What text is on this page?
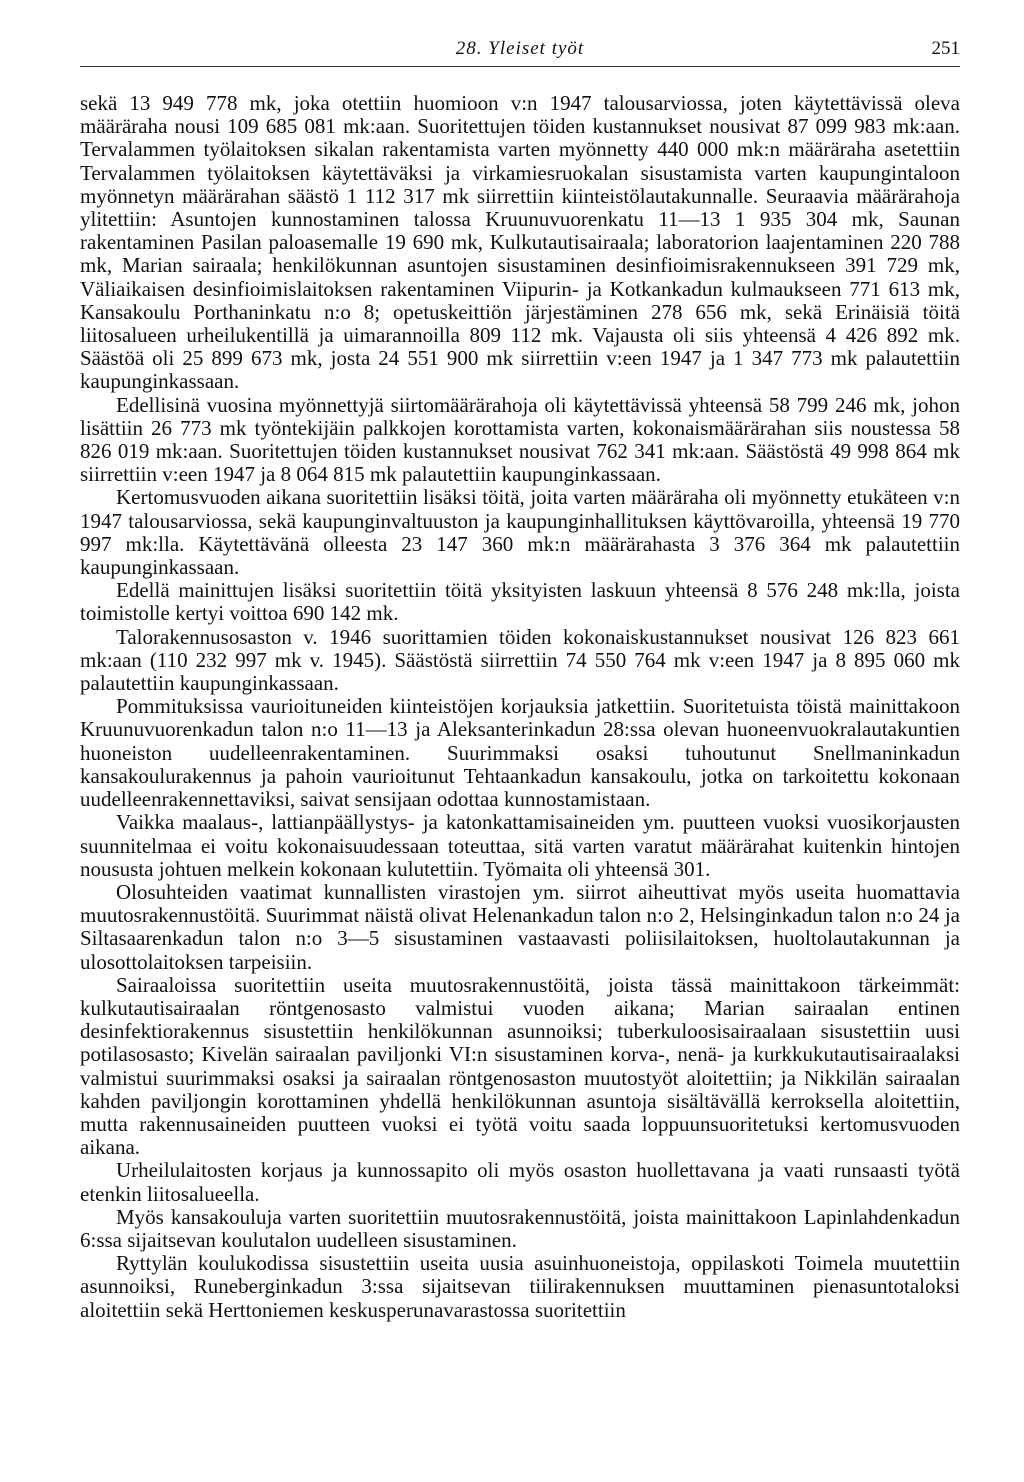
28. Yleiset työt	251

sekä 13 949 778 mk, joka otettiin huomioon v:n 1947 talousarviossa, joten käytettävissä oleva määräraha nousi 109 685 081 mk:aan. Suoritettujen töiden kustannukset nousivat 87 099 983 mk:aan. Tervalammen työlaitoksen sikalan rakentamista varten myönnetty 440 000 mk:n määräraha asetettiin Tervalammen työlaitoksen käytettäväksi ja virkamiesruokalan sisustamista varten kaupungintaloon myönnetyn määrärahan säästö 1 112 317 mk siirrettiin kiinteistölautakunnalle. Seuraavia määrärahoja ylitettiin: Asuntojen kunnostaminen talossa Kruunuvuorenkatu 11—13 1 935 304 mk, Saunan rakentaminen Pasilan paloasemalle 19 690 mk, Kulkutautisairaala; laboratorion laajentaminen 220 788 mk, Marian sairaala; henkilökunnan asuntojen sisustaminen desinfioimisrakennukseen 391 729 mk, Väliaikaisen desinfioimislaitoksen rakentaminen Viipurin- ja Kotkankadun kulmaukseen 771 613 mk, Kansakoulu Porthaninkatu n:o 8; opetuskeittiön järjestäminen 278 656 mk, sekä Erinäisiä töitä liitosalueen urheilukentillä ja uimarannoilla 809 112 mk. Vajausta oli siis yhteensä 4 426 892 mk. Säästöä oli 25 899 673 mk, josta 24 551 900 mk siirrettiin v:een 1947 ja 1 347 773 mk palautettiin kaupunginkassaan.

Edellisinä vuosina myönnettyjä siirtomäärärahoja oli käytettävissä yhteensä 58 799 246 mk, johon lisättiin 26 773 mk työntekijäin palkkojen korottamista varten, kokonaismäärärahan siis noustessa 58 826 019 mk:aan. Suoritettujen töiden kustannukset nousivat 762 341 mk:aan. Säästöstä 49 998 864 mk siirrettiin v:een 1947 ja 8 064 815 mk palautettiin kaupunginkassaan.

Kertomusvuoden aikana suoritettiin lisäksi töitä, joita varten määräraha oli myönnetty etukäteen v:n 1947 talousarviossa, sekä kaupunginvaltuuston ja kaupunginhallituksen käyttövaroilla, yhteensä 19 770 997 mk:lla. Käytettävänä olleesta 23 147 360 mk:n määrärahasta 3 376 364 mk palautettiin kaupunginkassaan.

Edellä mainittujen lisäksi suoritettiin töitä yksityisten laskuun yhteensä 8 576 248 mk:lla, joista toimistolle kertyi voittoa 690 142 mk.

Talorakennusosaston v. 1946 suorittamien töiden kokonaiskustannukset nousivat 126 823 661 mk:aan (110 232 997 mk v. 1945). Säästöstä siirrettiin 74 550 764 mk v:een 1947 ja 8 895 060 mk palautettiin kaupunginkassaan.

Pommituksissa vaurioituneiden kiinteistöjen korjauksia jatkettiin. Suoritetuista töistä mainittakoon Kruunuvuorenkadun talon n:o 11—13 ja Aleksanterinkadun 28:ssa olevan huoneenvuokralautakuntien huoneiston uudelleenrakentaminen. Suurimmaksi osaksi tuhoutunut Snellmaninkadun kansakoulurakennus ja pahoin vaurioitunut Tehtaankadun kansakoulu, jotka on tarkoitettu kokonaan uudelleenrakennettaviksi, saivat sensijaan odottaa kunnostamistaan.

Vaikka maalaus-, lattianpäällystys- ja katonkattamisaineiden ym. puutteen vuoksi vuosikorjausten suunnitelmaa ei voitu kokonaisuudessaan toteuttaa, sitä varten varatut määrärahat kuitenkin hintojen noususta johtuen melkein kokonaan kulutettiin. Työmaita oli yhteensä 301.

Olosuhteiden vaatimat kunnallisten virastojen ym. siirrot aiheuttivat myös useita huomattavia muutosrakennustöitä. Suurimmat näistä olivat Helenankadun talon n:o 2, Helsinginkadun talon n:o 24 ja Siltasaarenkadun talon n:o 3—5 sisustaminen vastaavasti poliisilaitoksen, huoltolautakunnan ja ulosottolaitoksen tarpeisiin.

Sairaaloissa suoritettiin useita muutosrakennustöitä, joista tässä mainittakoon tärkeimmät: kulkutautisairaalan röntgenosasto valmistui vuoden aikana; Marian sairaalan entinen desinfektiorakennus sisustettiin henkilökunnan asunnoiksi; tuberkuloosisairaalaan sisustettiin uusi potilasosasto; Kivelän sairaalan paviljonki VI:n sisustaminen korva-, nenä- ja kurkkukutautisairaalaksi valmistui suurimmaksi osaksi ja sairaalan röntgenosaston muutostyöt aloitettiin; ja Nikkilän sairaalan kahden paviljongin korottaminen yhdellä henkilökunnan asuntoja sisältävällä kerroksella aloitettiin, mutta rakennusaineiden puutteen vuoksi ei työtä voitu saada loppuunsuoritetuksi kertomusvuoden aikana.

Urheilulaitosten korjaus ja kunnossapito oli myös osaston huollettavana ja vaati runsaasti työtä etenkin liitosalueella.

Myös kansakouluja varten suoritettiin muutosrakennustöitä, joista mainittakoon Lapinlahdenkadun 6:ssa sijaitsevan koulutalon uudelleen sisustaminen.

Ryttylän koulukodissa sisustettiin useita uusia asuinhuoneistoja, oppilaskoti Toimela muutettiin asunnoiksi, Runeberginkadun 3:ssa sijaitsevan tiilirakennuksen muuttaminen pienasuntotaloksi aloitettiin sekä Herttoniemen keskusperunavarastossa suoritettiin
